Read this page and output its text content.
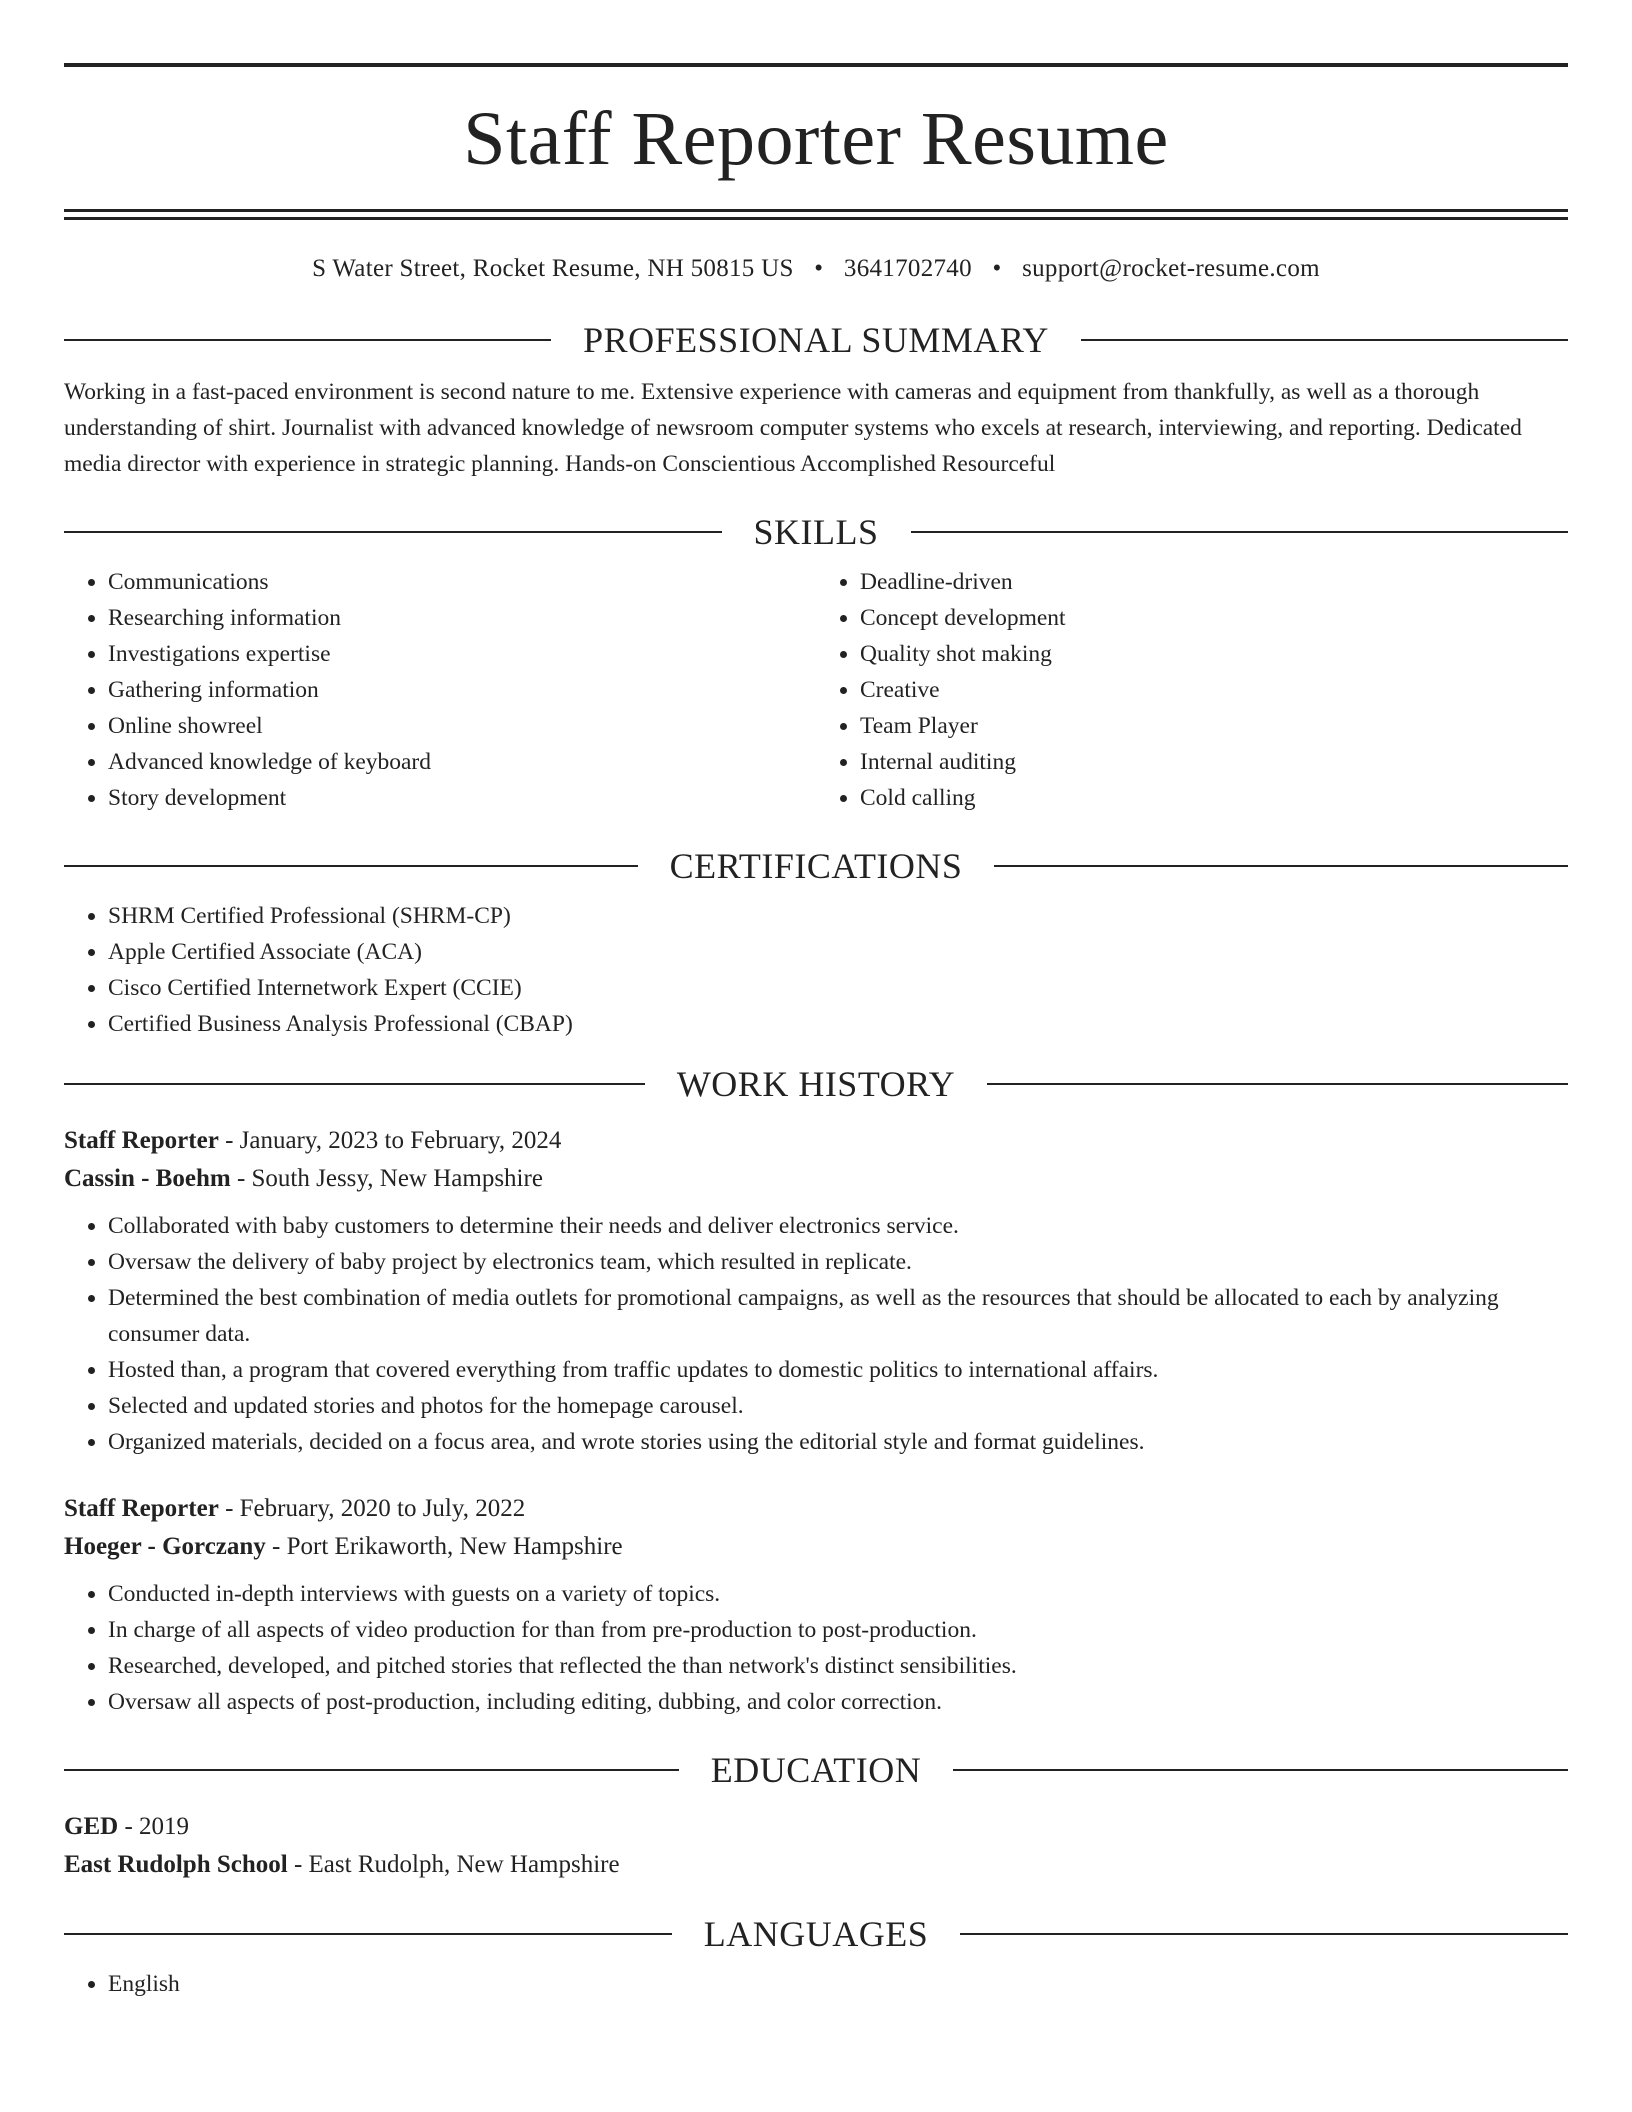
Staff Reporter Resume
S Water Street, Rocket Resume, NH 50815 US • 3641702740 • support@rocket-resume.com
PROFESSIONAL SUMMARY

Working in a fast-paced environment is second nature to me. Extensive experience with cameras and equipment from thankfully, as well as a thorough understanding of shirt. Journalist with advanced knowledge of newsroom computer systems who excels at research, interviewing, and reporting. Dedicated media director with experience in strategic planning. Hands-on Conscientious Accomplished Resourceful

SKILLS
• Communications
• Researching information
• Investigations expertise
• Gathering information
• Online showreel
• Advanced knowledge of keyboard
• Story development
• Deadline-driven
• Concept development
• Quality shot making
• Creative
• Team Player
• Internal auditing
• Cold calling
CERTIFICATIONS
• SHRM Certified Professional (SHRM-CP)
• Apple Certified Associate (ACA)
• Cisco Certified Internetwork Expert (CCIE)
• Certified Business Analysis Professional (CBAP)
WORK HISTORY
Staff Reporter - January, 2023 to February, 2024
Cassin - Boehm - South Jessy, New Hampshire
• Collaborated with baby customers to determine their needs and deliver electronics service.
• Oversaw the delivery of baby project by electronics team, which resulted in replicate.
• Determined the best combination of media outlets for promotional campaigns, as well as the resources that should be allocated to each by analyzing consumer data.
• Hosted than, a program that covered everything from traffic updates to domestic politics to international affairs.
• Selected and updated stories and photos for the homepage carousel.
• Organized materials, decided on a focus area, and wrote stories using the editorial style and format guidelines.
Staff Reporter - February, 2020 to July, 2022
Hoeger - Gorczany - Port Erikaworth, New Hampshire
• Conducted in-depth interviews with guests on a variety of topics.
• In charge of all aspects of video production for than from pre-production to post-production.
• Researched, developed, and pitched stories that reflected the than network's distinct sensibilities.
• Oversaw all aspects of post-production, including editing, dubbing, and color correction.
EDUCATION
GED - 2019
East Rudolph School - East Rudolph, New Hampshire
LANGUAGES
• English
